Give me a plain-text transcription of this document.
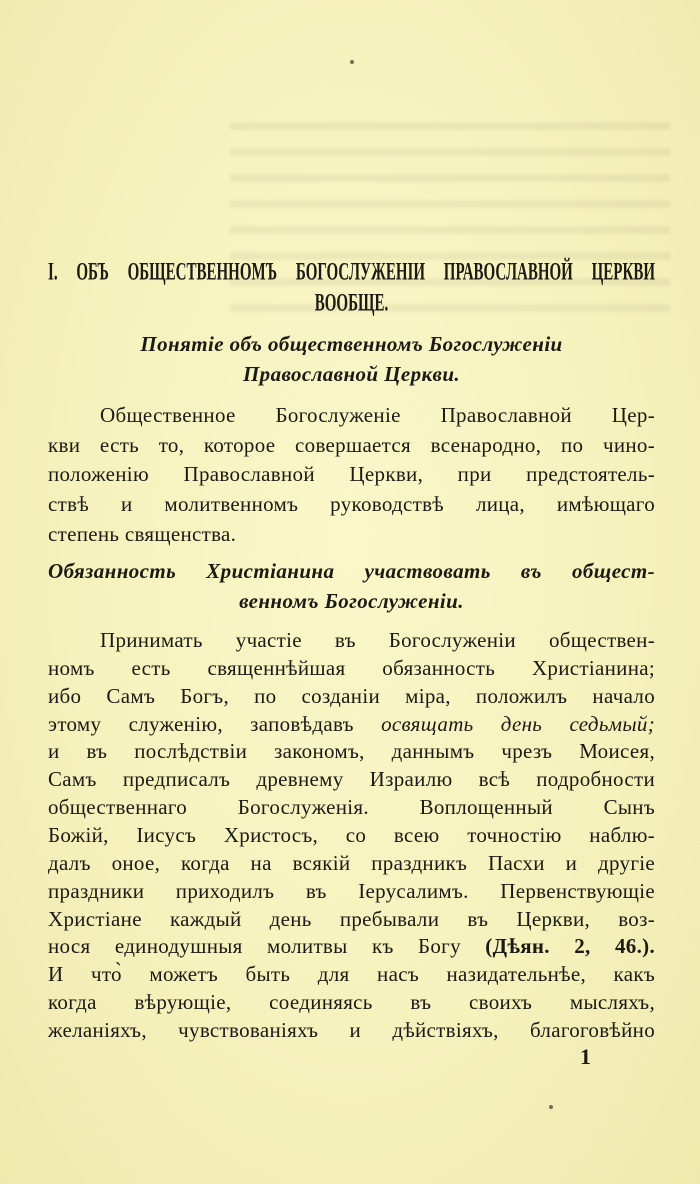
I. ОБЪ ОБЩЕСТВЕННОМЪ БОГОСЛУЖЕНІИ ПРАВОСЛАВНОЙ ЦЕРКВИ
ВООБЩЕ.
Понятіе объ общественномъ Богослуженіи
Православной Церкви.
Общественное Богослуженіе Православной Цер-
кви есть то, которое совершается всенародно, по чино-
положенію Православной Церкви, при предстоятель-
ствѣ и молитвенномъ руководствѣ лица, имѣющаго
степень священства.
Обязанность Христіанина участвовать въ общест-
венномъ Богослуженіи.
Принимать участіе въ Богослуженіи обществен-
номъ есть священнѣйшая обязанность Христіанина;
ибо Самъ Богъ, по созданіи міра, положилъ начало
этому служенію, заповѣдавъ освящать день седьмый;
и въ послѣдствіи закономъ, даннымъ чрезъ Моисея,
Самъ предписалъ древнему Израилю всѣ подробности
общественнаго Богослуженія. Воплощенный Сынъ
Божій, Іисусъ Христосъ, со всею точностію наблю-
далъ оное, когда на всякій праздникъ Пасхи и другіе
праздники приходилъ въ Іерусалимъ. Первенствующіе
Христіане каждый день пребывали въ Церкви, воз-
нося единодушныя молитвы къ Богу (Дѣян. 2, 46.).
И что̀ можетъ быть для насъ назидательнѣе, какъ
когда вѣрующіе, соединяясь въ своихъ мысляхъ,
желаніяхъ, чувствованіяхъ и дѣйствіяхъ, благоговѣйно
1
